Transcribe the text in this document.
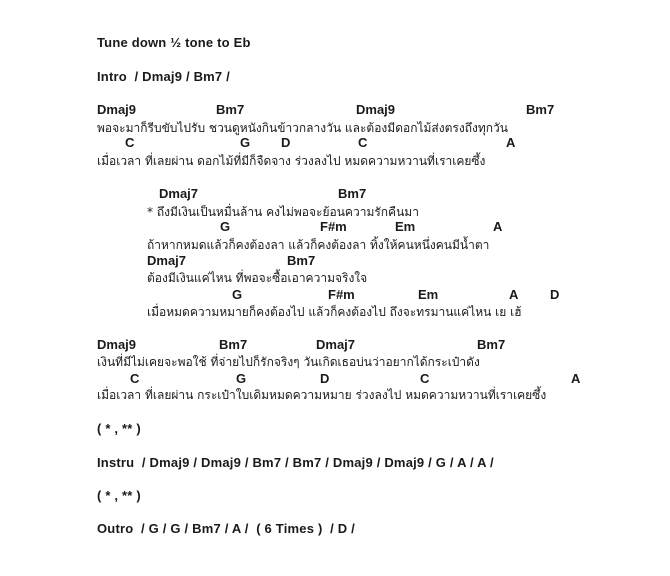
Tune down ½ tone to Eb
Intro  / Dmaj9 / Bm7 /
Dmaj9	Bm7	Dmaj9	Bm7
พอจะมาก็รีบขับไปรับ ชวนดูหนังกินข้าวกลางวัน และต้องมีดอกไม้ส่งตรงถึงทุกวัน
C	G D	C	A
เมื่อเวลา ที่เลยผ่าน ดอกไม้ที่มีก็จืดจาง ร่วงลงไป หมดความหวานที่เราเคยซึ้ง
Dmaj7	Bm7
* ถึงมีเงินเป็นหมื่นล้าน คงไม่พอจะย้อนความรักคืนมา
G	F#m	Em	A
ถ้าหากหมดแล้วก็คงต้องลา แล้วก็คงต้องลา ทิ้งให้คนหนึ่งคนมีน้ำตา
Dmaj7	Bm7
ต้องมีเงินแค่ไหน ที่พอจะซื้อเอาความจริงใจ
G	F#m	Em	A D
เมื่อหมดความหมายก็คงต้องไป แล้วก็คงต้องไป ถึงจะทรมานแค่ไหน เย เฮ้
Dmaj9	Bm7	Dmaj7	Bm7
เงินที่มีไม่เคยจะพอใช้ ที่จ่ายไปก็รักจริงๆ วันเกิดเธอบ่นว่าอยากได้กระเป๋าดัง
C	G	D	C	A
เมื่อเวลา ที่เลยผ่าน กระเป๋าใบเดิมหมดความหมาย ร่วงลงไป หมดความหวานที่เราเคยซึ้ง
( * , ** )
Instru  / Dmaj9 / Dmaj9 / Bm7 / Bm7 / Dmaj9 / Dmaj9 / G / A / A /
( * , ** )
Outro  / G / G / Bm7 / A /  ( 6 Times )  / D /
